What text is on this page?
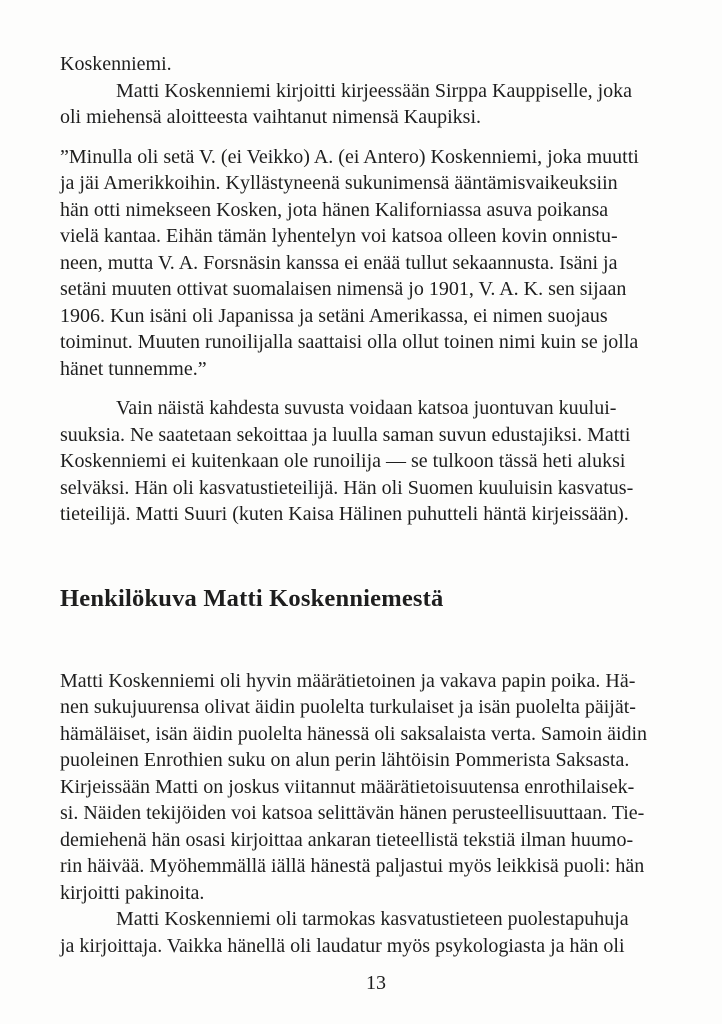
Koskenniemi.
Matti Koskenniemi kirjoitti kirjeessään Sirppa Kauppiselle, joka
oli miehensä aloitteesta vaihtanut nimensä Kaupiksi.
”Minulla oli setä V. (ei Veikko) A. (ei Antero) Koskenniemi, joka muutti
ja jäi Amerikkoihin. Kyllästyneenä sukunimensä ääntämisvaikeuksiin
hän otti nimekseen Kosken, jota hänen Kaliforniassa asuva poikansa
vielä kantaa. Eihän tämän lyhentelyn voi katsoa olleen kovin onnistu-
neen, mutta V. A. Forsnäsin kanssa ei enää tullut sekaannusta. Isäni ja
setäni muuten ottivat suomalaisen nimensä jo 1901, V. A. K. sen sijaan
1906. Kun isäni oli Japanissa ja setäni Amerikassa, ei nimen suojaus
toiminut. Muuten runoilijalla saattaisi olla ollut toinen nimi kuin se jolla
hänet tunnemme.”
Vain näistä kahdesta suvusta voidaan katsoa juontuvan kuului-
suuksia. Ne saatetaan sekoittaa ja luulla saman suvun edustajiksi. Matti
Koskenniemi ei kuitenkaan ole runoilija — se tulkoon tässä heti aluksi
selväksi. Hän oli kasvatustieteilijä. Hän oli Suomen kuuluisin kasvatus-
tieteilijä. Matti Suuri (kuten Kaisa Hälinen puhutteli häntä kirjeissään).
Henkilökuva Matti Koskenniemestä
Matti Koskenniemi oli hyvin määrätietoinen ja vakava papin poika. Hä-
nen sukujuurensa olivat äidin puolelta turkulaiset ja isän puolelta päijät-
hämäläiset, isän äidin puolelta hänessä oli saksalaista verta. Samoin äidin
puoleinen Enrothien suku on alun perin lähtöisin Pommerista Saksasta.
Kirjeissään Matti on joskus viitannut määrätietoisuutensa enrothilaisek-
si. Näiden tekijöiden voi katsoa selittävän hänen perusteellisuuttaan. Tie-
demiehenä hän osasi kirjoittaa ankaran tieteellistä tekstiä ilman huumo-
rin häivää. Myöhemmällä iällä hänestä paljastui myös leikkisä puoli: hän
kirjoitti pakinoita.
Matti Koskenniemi oli tarmokas kasvatustieteen puolestapuhuja
ja kirjoittaja. Vaikka hänellä oli laudatur myös psykologiasta ja hän oli
13
